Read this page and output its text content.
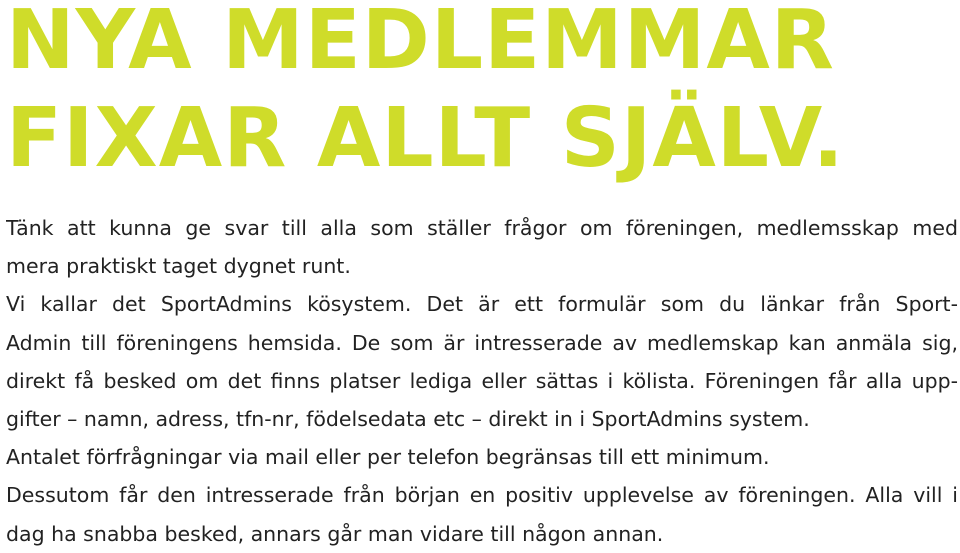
NYA MEDLEMMAR
FIXAR ALLT SJÄLV.
Tänk att kunna ge svar till alla som ställer frågor om föreningen, medlemsskap med
mera praktiskt taget dygnet runt.
Vi kallar det SportAdmins kösystem. Det är ett formulär som du länkar från Sport-
Admin till föreningens hemsida. De som är intresserade av medlemskap kan anmäla sig,
direkt få besked om det finns platser lediga eller sättas i kölista. Föreningen får alla upp-
gifter – namn, adress, tfn-nr, födelsedata etc – direkt in i SportAdmins system.
Antalet förfrågningar via mail eller per telefon begränsas till ett minimum.
Dessutom får den intresserade från början en positiv upplevelse av föreningen. Alla vill i
dag ha snabba besked, annars går man vidare till någon annan.
